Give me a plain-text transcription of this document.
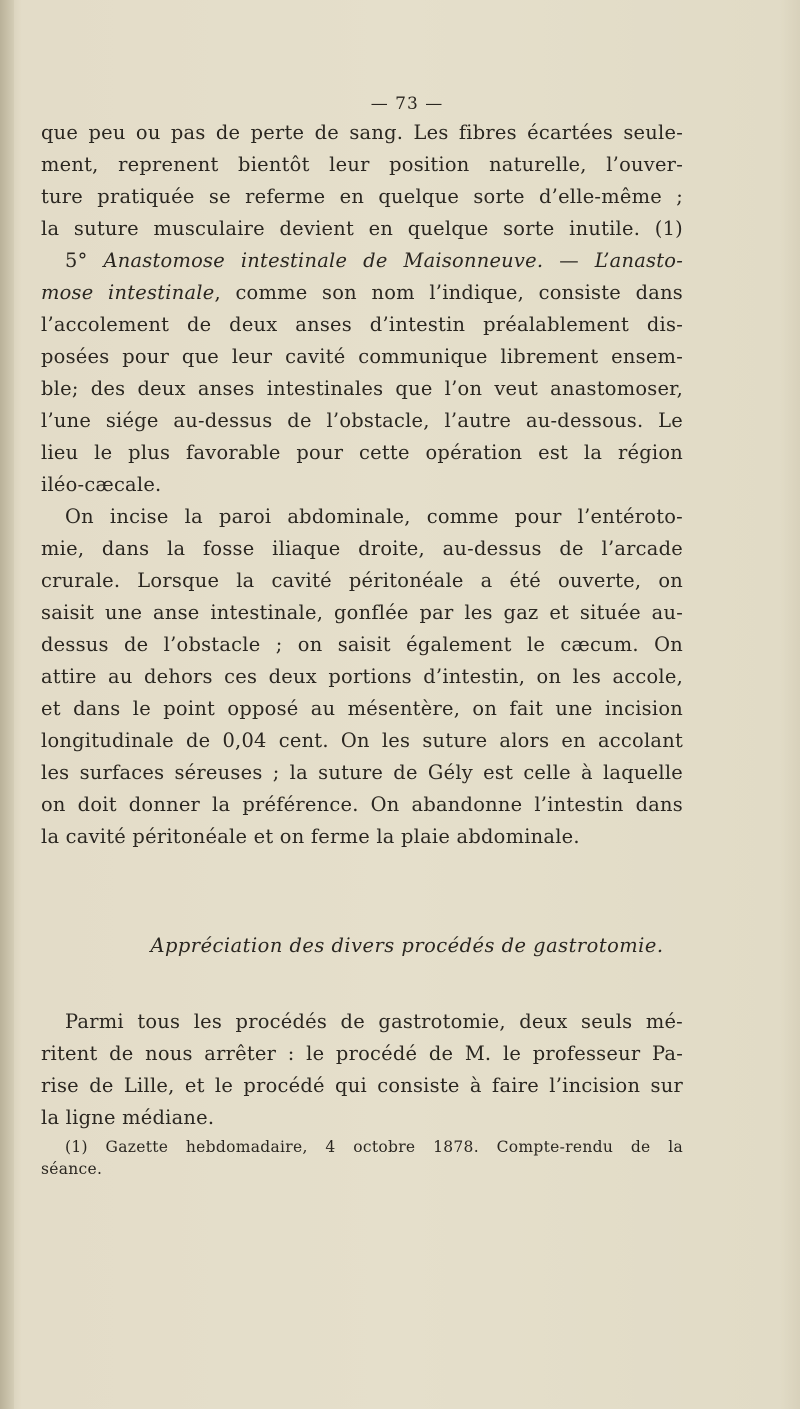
— 73 —
que peu ou pas de perte de sang. Les fibres écartées seule-
ment, reprenent bientôt leur position naturelle, l’ouver-
ture pratiquée se referme en quelque sorte d’elle-même ;
la suture musculaire devient en quelque sorte inutile. (1)
5° Anastomose intestinale de Maisonneuve. — L’anasto-
mose intestinale, comme son nom l’indique, consiste dans
l’accolement de deux anses d’intestin préalablement dis-
posées pour que leur cavité communique librement ensem-
ble; des deux anses intestinales que l’on veut anastomoser,
l’une siége au-dessus de l’obstacle, l’autre au-dessous. Le
lieu le plus favorable pour cette opération est la région
iléo-cæcale.
On incise la paroi abdominale, comme pour l’entéroto-
mie, dans la fosse iliaque droite, au-dessus de l’arcade
crurale. Lorsque la cavité péritonéale a été ouverte, on
saisit une anse intestinale, gonflée par les gaz et située au-
dessus de l’obstacle ; on saisit également le cæcum. On
attire au dehors ces deux portions d’intestin, on les accole,
et dans le point opposé au mésentère, on fait une incision
longitudinale de 0,04 cent. On les suture alors en accolant
les surfaces séreuses ; la suture de Gély est celle à laquelle
on doit donner la préférence. On abandonne l’intestin dans
la cavité péritonéale et on ferme la plaie abdominale.
Appréciation des divers procédés de gastrotomie.
Parmi tous les procédés de gastrotomie, deux seuls mé-
ritent de nous arrêter : le procédé de M. le professeur Pa-
rise de Lille, et le procédé qui consiste à faire l’incision sur
la ligne médiane.
(1) Gazette hebdomadaire, 4 octobre 1878. Compte-rendu de la
séance.
